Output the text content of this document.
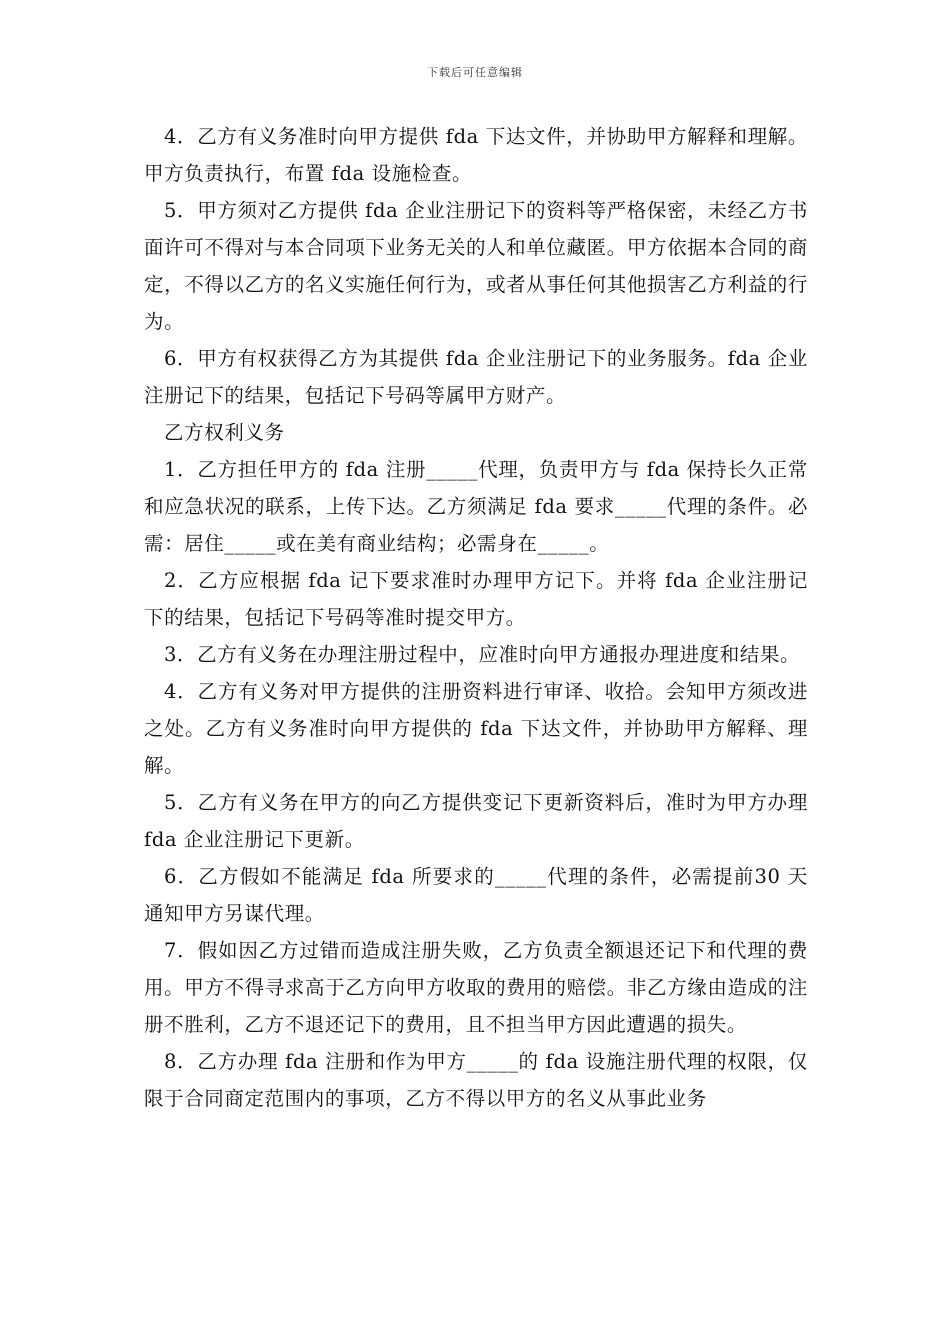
下载后可任意编辑

4．乙方有义务准时向甲方提供 fda 下达文件，并协助甲方解释和理解。甲方负责执行，布置 fda 设施检查。

5．甲方须对乙方提供 fda 企业注册记下的资料等严格保密，未经乙方书面许可不得对与本合同项下业务无关的人和单位藏匿。甲方依据本合同的商定，不得以乙方的名义实施任何行为，或者从事任何其他损害乙方利益的行为。

6．甲方有权获得乙方为其提供 fda 企业注册记下的业务服务。fda 企业注册记下的结果，包括记下号码等属甲方财产。

乙方权利义务

1．乙方担任甲方的 fda 注册_____代理，负责甲方与 fda 保持长久正常和应急状况的联系，上传下达。乙方须满足 fda 要求_____代理的条件。必需：居住_____或在美有商业结构；必需身在_____。

2．乙方应根据 fda 记下要求准时办理甲方记下。并将 fda 企业注册记下的结果，包括记下号码等准时提交甲方。

3．乙方有义务在办理注册过程中，应准时向甲方通报办理进度和结果。

4．乙方有义务对甲方提供的注册资料进行审译、收拾。会知甲方须改进之处。乙方有义务准时向甲方提供的 fda 下达文件，并协助甲方解释、理解。

5．乙方有义务在甲方的向乙方提供变记下更新资料后，准时为甲方办理 fda 企业注册记下更新。

6．乙方假如不能满足 fda 所要求的_____代理的条件，必需提前30 天通知甲方另谋代理。

7．假如因乙方过错而造成注册失败，乙方负责全额退还记下和代理的费用。甲方不得寻求高于乙方向甲方收取的费用的赔偿。非乙方缘由造成的注册不胜利，乙方不退还记下的费用，且不担当甲方因此遭遇的损失。

8．乙方办理 fda 注册和作为甲方_____的 fda 设施注册代理的权限，仅限于合同商定范围内的事项，乙方不得以甲方的名义从事此业务
